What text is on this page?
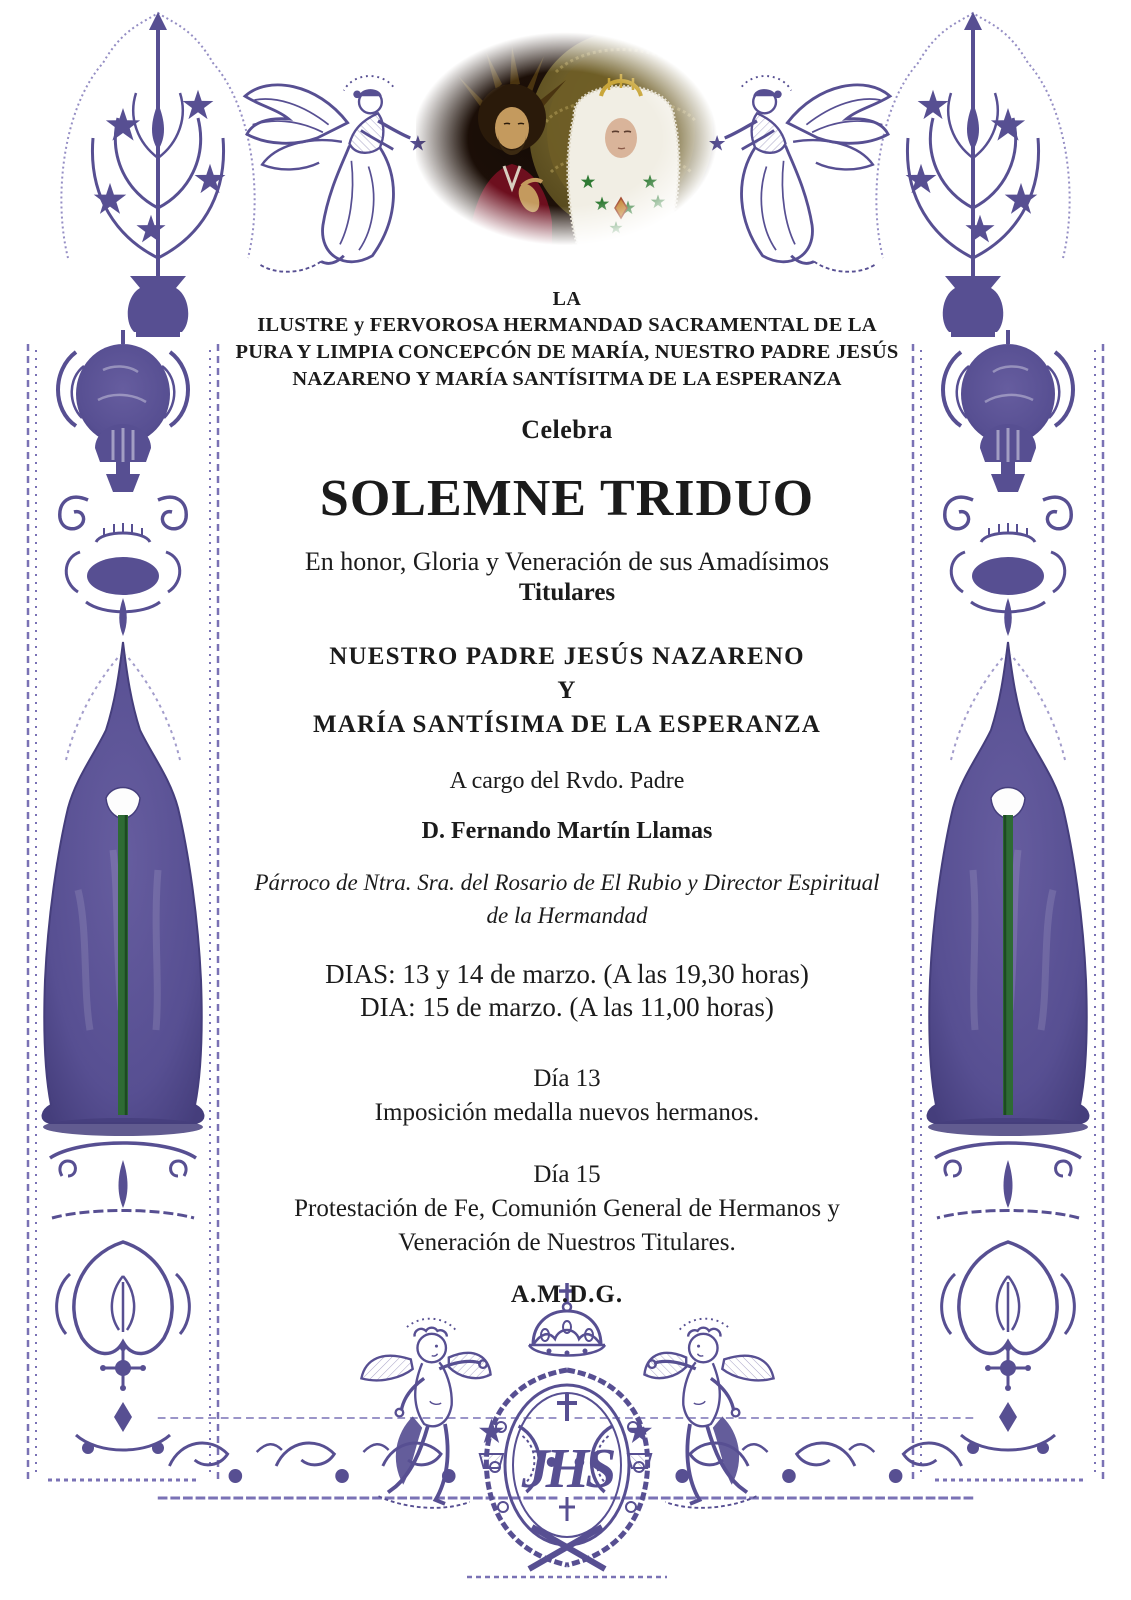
JHS
LA
ILUSTRE y FERVOROSA HERMANDAD SACRAMENTAL DE LA
PURA Y LIMPIA CONCEPCÓN DE MARÍA, NUESTRO PADRE JESÚS
NAZARENO Y MARÍA SANTÍSITMA DE LA ESPERANZA
Celebra
SOLEMNE TRIDUO
En honor, Gloria y Veneración de sus Amadísimos
Titulares
NUESTRO PADRE JESÚS NAZARENO
Y
MARÍA SANTÍSIMA DE LA ESPERANZA
A cargo del Rvdo. Padre
D. Fernando Martín Llamas
Párroco de Ntra. Sra. del Rosario de El Rubio y Director Espiritual
de la Hermandad
DIAS: 13 y 14 de marzo. (A las 19,30 horas)
DIA: 15 de marzo. (A las 11,00 horas)
Día 13
Imposición medalla nuevos hermanos.
Día 15
Protestación de Fe, Comunión General de Hermanos y
Veneración de Nuestros Titulares.
A.M.D.G.
